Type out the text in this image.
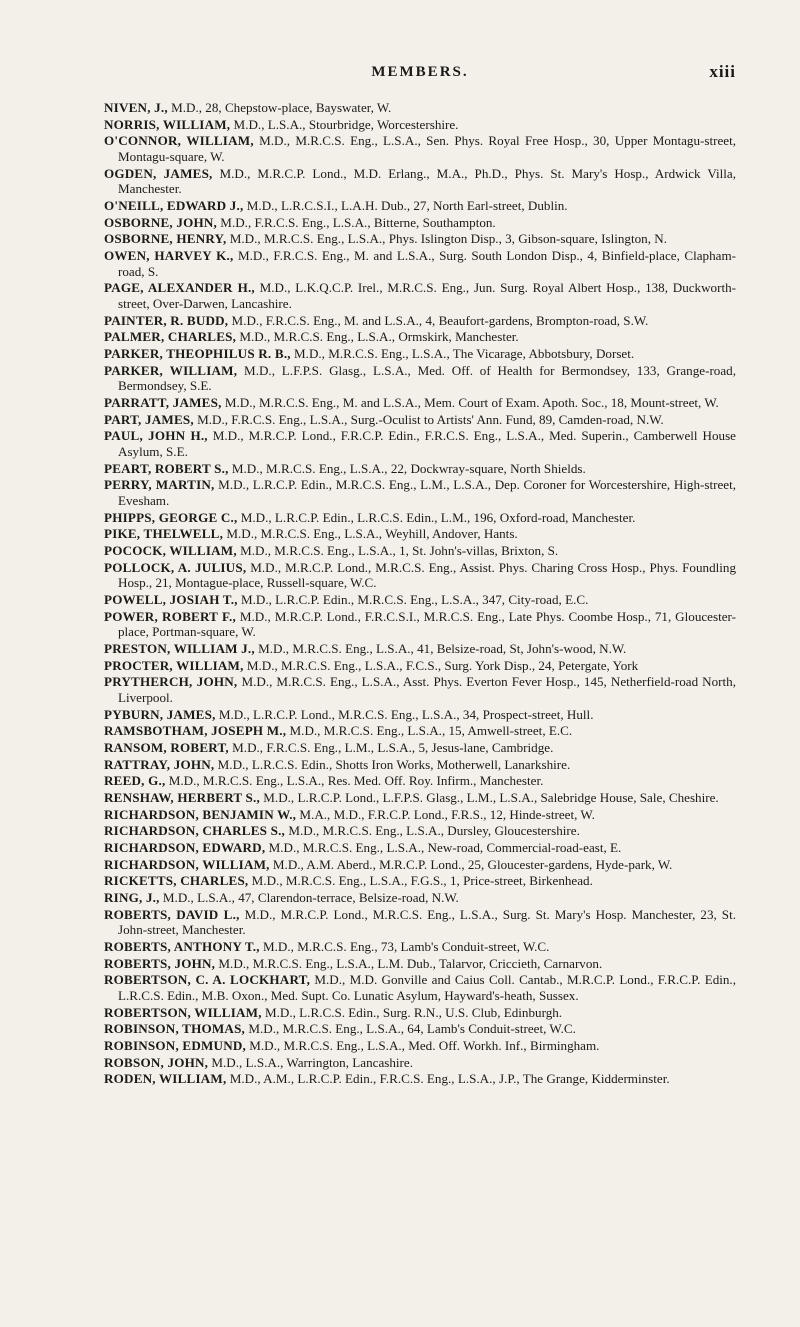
MEMBERS.	xiii
NIVEN, J., M.D., 28, Chepstow-place, Bayswater, W.
NORRIS, WILLIAM, M.D., L.S.A., Stourbridge, Worcestershire.
O'CONNOR, WILLIAM, M.D., M.R.C.S. Eng., L.S.A., Sen. Phys. Royal Free Hosp., 30, Upper Montagu-street, Montagu-square, W.
OGDEN, JAMES, M.D., M.R.C.P. Lond., M.D. Erlang., M.A., Ph.D., Phys. St. Mary's Hosp., Ardwick Villa, Manchester.
O'NEILL, EDWARD J., M.D., L.R.C.S.I., L.A.H. Dub., 27, North Earl-street, Dublin.
OSBORNE, JOHN, M.D., F.R.C.S. Eng., L.S.A., Bitterne, Southampton.
OSBORNE, HENRY, M.D., M.R.C.S. Eng., L.S.A., Phys. Islington Disp., 3, Gibson-square, Islington, N.
OWEN, HARVEY K., M.D., F.R.C.S. Eng., M. and L.S.A., Surg. South London Disp., 4, Binfield-place, Clapham-road, S.
PAGE, ALEXANDER H., M.D., L.K.Q.C.P. Irel., M.R.C.S. Eng., Jun. Surg. Royal Albert Hosp., 138, Duckworth-street, Over-Darwen, Lancashire.
PAINTER, R. BUDD, M.D., F.R.C.S. Eng., M. and L.S.A., 4, Beaufort-gardens, Brompton-road, S.W.
PALMER, CHARLES, M.D., M.R.C.S. Eng., L.S.A., Ormskirk, Manchester.
PARKER, THEOPHILUS R. B., M.D., M.R.C.S. Eng., L.S.A., The Vicarage, Abbotsbury, Dorset.
PARKER, WILLIAM, M.D., L.F.P.S. Glasg., L.S.A., Med. Off. of Health for Bermondsey, 133, Grange-road, Bermondsey, S.E.
PARRATT, JAMES, M.D., M.R.C.S. Eng., M. and L.S.A., Mem. Court of Exam. Apoth. Soc., 18, Mount-street, W.
PART, JAMES, M.D., F.R.C.S. Eng., L.S.A., Surg.-Oculist to Artists' Ann. Fund, 89, Camden-road, N.W.
PAUL, JOHN H., M.D., M.R.C.P. Lond., F.R.C.P. Edin., F.R.C.S. Eng., L.S.A., Med. Superin., Camberwell House Asylum, S.E.
PEART, ROBERT S., M.D., M.R.C.S. Eng., L.S.A., 22, Dockwray-square, North Shields.
PERRY, MARTIN, M.D., L.R.C.P. Edin., M.R.C.S. Eng., L.M., L.S.A., Dep. Coroner for Worcestershire, High-street, Evesham.
PHIPPS, GEORGE C., M.D., L.R.C.P. Edin., L.R.C.S. Edin., L.M., 196, Oxford-road, Manchester.
PIKE, THELWELL, M.D., M.R.C.S. Eng., L.S.A., Weyhill, Andover, Hants.
POCOCK, WILLIAM, M.D., M.R.C.S. Eng., L.S.A., 1, St. John's-villas, Brixton, S.
POLLOCK, A. JULIUS, M.D., M.R.C.P. Lond., M.R.C.S. Eng., Assist. Phys. Charing Cross Hosp., Phys. Foundling Hosp., 21, Montague-place, Russell-square, W.C.
POWELL, JOSIAH T., M.D., L.R.C.P. Edin., M.R.C.S. Eng., L.S.A., 347, City-road, E.C.
POWER, ROBERT F., M.D., M.R.C.P. Lond., F.R.C.S.I., M.R.C.S. Eng., Late Phys. Coombe Hosp., 71, Gloucester-place, Portman-square, W.
PRESTON, WILLIAM J., M.D., M.R.C.S. Eng., L.S.A., 41, Belsize-road, St, John's-wood, N.W.
PROCTER, WILLIAM, M.D., M.R.C.S. Eng., L.S.A., F.C.S., Surg. York Disp., 24, Petergate, York
PRYTHERCH, JOHN, M.D., M.R.C.S. Eng., L.S.A., Asst. Phys. Everton Fever Hosp., 145, Netherfield-road North, Liverpool.
PYBURN, JAMES, M.D., L.R.C.P. Lond., M.R.C.S. Eng., L.S.A., 34, Prospect-street, Hull.
RAMSBOTHAM, JOSEPH M., M.D., M.R.C.S. Eng., L.S.A., 15, Amwell-street, E.C.
RANSOM, ROBERT, M.D., F.R.C.S. Eng., L.M., L.S.A., 5, Jesus-lane, Cambridge.
RATTRAY, JOHN, M.D., L.R.C.S. Edin., Shotts Iron Works, Motherwell, Lanarkshire.
REED, G., M.D., M.R.C.S. Eng., L.S.A., Res. Med. Off. Roy. Infirm., Manchester.
RENSHAW, HERBERT S., M.D., L.R.C.P. Lond., L.F.P.S. Glasg., L.M., L.S.A., Salebridge House, Sale, Cheshire.
RICHARDSON, BENJAMIN W., M.A., M.D., F.R.C.P. Lond., F.R.S., 12, Hinde-street, W.
RICHARDSON, CHARLES S., M.D., M.R.C.S. Eng., L.S.A., Dursley, Gloucestershire.
RICHARDSON, EDWARD, M.D., M.R.C.S. Eng., L.S.A., New-road, Commercial-road-east, E.
RICHARDSON, WILLIAM, M.D., A.M. Aberd., M.R.C.P. Lond., 25, Gloucester-gardens, Hyde-park, W.
RICKETTS, CHARLES, M.D., M.R.C.S. Eng., L.S.A., F.G.S., 1, Price-street, Birkenhead.
RING, J., M.D., L.S.A., 47, Clarendon-terrace, Belsize-road, N.W.
ROBERTS, DAVID L., M.D., M.R.C.P. Lond., M.R.C.S. Eng., L.S.A., Surg. St. Mary's Hosp. Manchester, 23, St. John-street, Manchester.
ROBERTS, ANTHONY T., M.D., M.R.C.S. Eng., 73, Lamb's Conduit-street, W.C.
ROBERTS, JOHN, M.D., M.R.C.S. Eng., L.S.A., L.M. Dub., Talarvor, Criccieth, Carnarvon.
ROBERTSON, C. A. LOCKHART, M.D., M.D. Gonville and Caius Coll. Cantab., M.R.C.P. Lond., F.R.C.P. Edin., L.R.C.S. Edin., M.B. Oxon., Med. Supt. Co. Lunatic Asylum, Hayward's-heath, Sussex.
ROBERTSON, WILLIAM, M.D., L.R.C.S. Edin., Surg. R.N., U.S. Club, Edinburgh.
ROBINSON, THOMAS, M.D., M.R.C.S. Eng., L.S.A., 64, Lamb's Conduit-street, W.C.
ROBINSON, EDMUND, M.D., M.R.C.S. Eng., L.S.A., Med. Off. Workh. Inf., Birmingham.
ROBSON, JOHN, M.D., L.S.A., Warrington, Lancashire.
RODEN, WILLIAM, M.D., A.M., L.R.C.P. Edin., F.R.C.S. Eng., L.S.A., J.P., The Grange, Kidderminster.
